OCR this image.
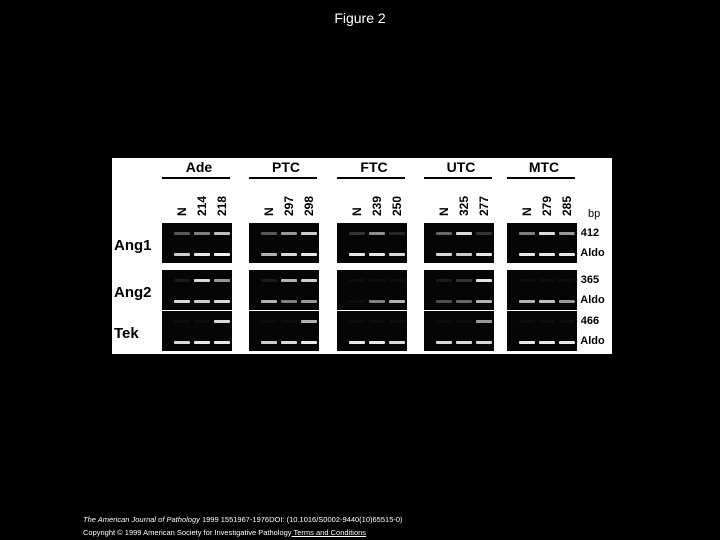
Figure 2
bp
Ade
N 214 218
PTC
N 297 298
FTC
N 239 250
UTC
N 325 277
MTC
N 279 285
Ang1
- 412
- Aldo
Ang2
- 365
- Aldo
Tek
- 466
- Aldo
The American Journal of Pathology 1999 1551967-1976DOI: (10.1016/S0002-9440(10)65515-0)
Copyright © 1999 American Society for Investigative Pathology Terms and Conditions
